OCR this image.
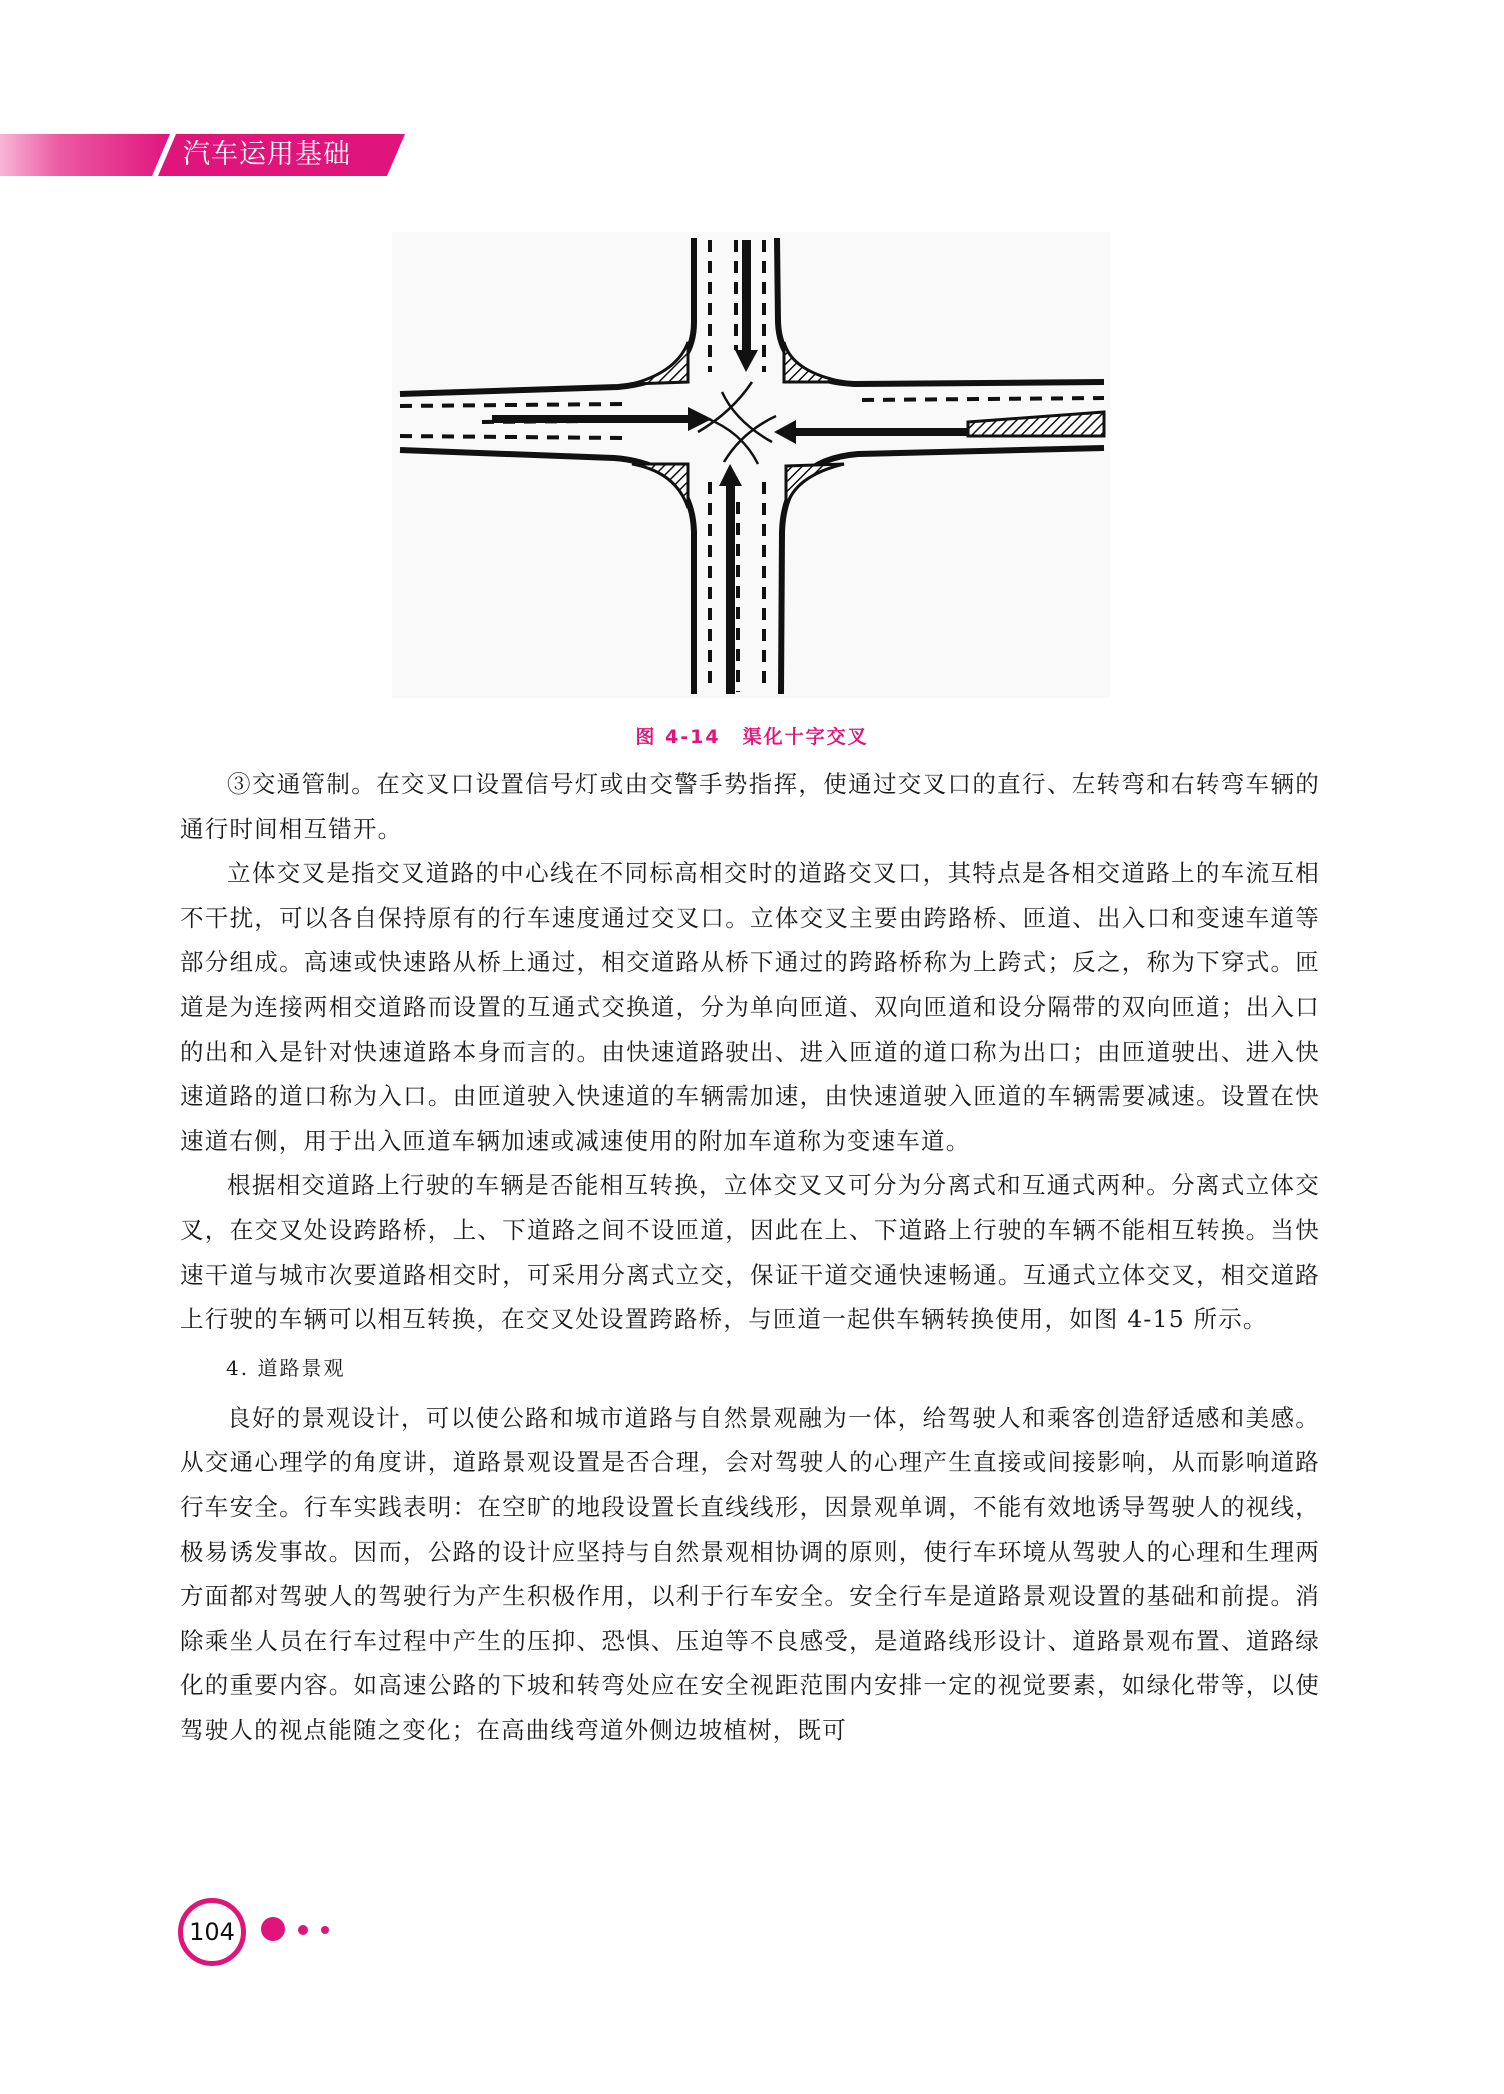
汽车运用基础
图 4-14 渠化十字交叉

③交通管制。在交叉口设置信号灯或由交警手势指挥，使通过交叉口的直行、左转弯和右转弯车辆的通行时间相互错开。

立体交叉是指交叉道路的中心线在不同标高相交时的道路交叉口，其特点是各相交道路上的车流互相不干扰，可以各自保持原有的行车速度通过交叉口。立体交叉主要由跨路桥、匝道、出入口和变速车道等部分组成。高速或快速路从桥上通过，相交道路从桥下通过的跨路桥称为上跨式；反之，称为下穿式。匝道是为连接两相交道路而设置的互通式交换道，分为单向匝道、双向匝道和设分隔带的双向匝道；出入口的出和入是针对快速道路本身而言的。由快速道路驶出、进入匝道的道口称为出口；由匝道驶出、进入快速道路的道口称为入口。由匝道驶入快速道的车辆需加速，由快速道驶入匝道的车辆需要减速。设置在快速道右侧，用于出入匝道车辆加速或减速使用的附加车道称为变速车道。

根据相交道路上行驶的车辆是否能相互转换，立体交叉又可分为分离式和互通式两种。分离式立体交叉，在交叉处设跨路桥，上、下道路之间不设匝道，因此在上、下道路上行驶的车辆不能相互转换。当快速干道与城市次要道路相交时，可采用分离式立交，保证干道交通快速畅通。互通式立体交叉，相交道路上行驶的车辆可以相互转换，在交叉处设置跨路桥，与匝道一起供车辆转换使用，如图 4-15 所示。

4. 道路景观

良好的景观设计，可以使公路和城市道路与自然景观融为一体，给驾驶人和乘客创造舒适感和美感。从交通心理学的角度讲，道路景观设置是否合理，会对驾驶人的心理产生直接或间接影响，从而影响道路行车安全。行车实践表明：在空旷的地段设置长直线线形，因景观单调，不能有效地诱导驾驶人的视线，极易诱发事故。因而，公路的设计应坚持与自然景观相协调的原则，使行车环境从驾驶人的心理和生理两方面都对驾驶人的驾驶行为产生积极作用，以利于行车安全。安全行车是道路景观设置的基础和前提。消除乘坐人员在行车过程中产生的压抑、恐惧、压迫等不良感受，是道路线形设计、道路景观布置、道路绿化的重要内容。如高速公路的下坡和转弯处应在安全视距范围内安排一定的视觉要素，如绿化带等，以使驾驶人的视点能随之变化；在高曲线弯道外侧边坡植树，既可

104
